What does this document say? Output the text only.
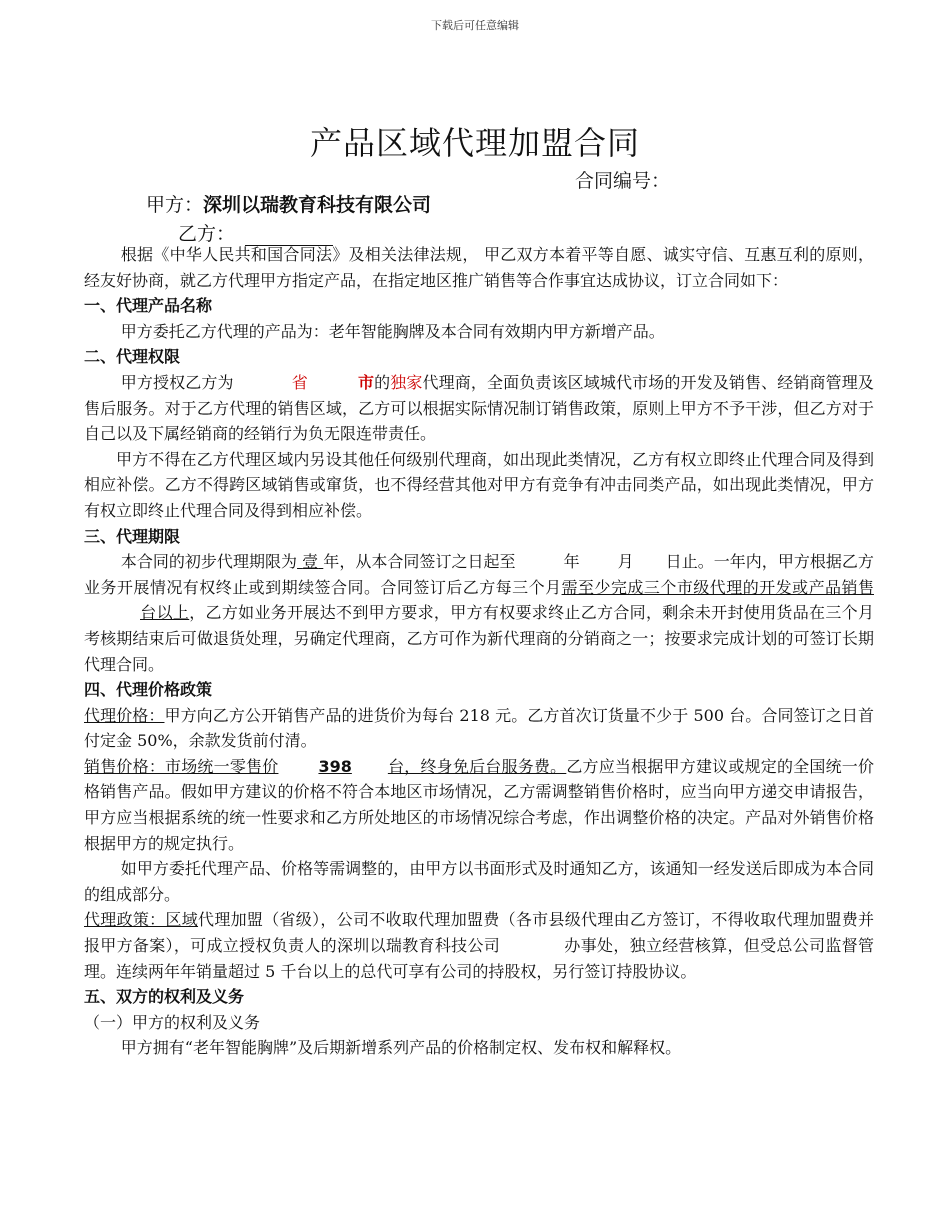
下载后可任意编辑
产品区域代理加盟合同
合同编号：
甲方：深圳以瑞教育科技有限公司
乙方：

根据《中华人民共和国合同法》及相关法律法规， 甲乙双方本着平等自愿、诚实守信、互惠互利的原则，经友好协商，就乙方代理甲方指定产品，在指定地区推广销售等合作事宜达成协议，订立合同如下：

一、代理产品名称

甲方委托乙方代理的产品为：老年智能胸牌及本合同有效期内甲方新增产品。

二、代理权限

甲方授权乙方为	省	市的独家代理商，全面负责该区域城代市场的开发及销售、经销商管理及售后服务。对于乙方代理的销售区域，乙方可以根据实际情况制订销售政策，原则上甲方不予干涉，但乙方对于自己以及下属经销商的经销行为负无限连带责任。

甲方不得在乙方代理区域内另设其他任何级别代理商，如出现此类情况，乙方有权立即终止代理合同及得到相应补偿。乙方不得跨区域销售或窜货，也不得经营其他对甲方有竞争有冲击同类产品，如出现此类情况，甲方有权立即终止代理合同及得到相应补偿。

三、代理期限

本合同的初步代理期限为 壹 年，从本合同签订之日起至	年 月 日止。一年内，甲方根据乙方业务开展情况有权终止或到期续签合同。合同签订后乙方每三个月需至少完成三个市级代理的开发或产品销售台以上，乙方如业务开展达不到甲方要求，甲方有权要求终止乙方合同，剩余未开封使用货品在三个月考核期结束后可做退货处理，另确定代理商，乙方可作为新代理商的分销商之一；按要求完成计划的可签订长期代理合同。

四、代理价格政策

代理价格：甲方向乙方公开销售产品的进货价为每台 218 元。乙方首次订货量不少于 500 台。合同签订之日首付定金 50%，余款发货前付清。

销售价格：市场统一零售价	398 台，终身免后台服务费。乙方应当根据甲方建议或规定的全国统一价格销售产品。假如甲方建议的价格不符合本地区市场情况，乙方需调整销售价格时，应当向甲方递交申请报告，甲方应当根据系统的统一性要求和乙方所处地区的市场情况综合考虑，作出调整价格的决定。产品对外销售价格根据甲方的规定执行。

如甲方委托代理产品、价格等需调整的，由甲方以书面形式及时通知乙方，该通知一经发送后即成为本合同的组成部分。

代理政策：区域代理加盟（省级），公司不收取代理加盟费（各市县级代理由乙方签订，不得收取代理加盟费并报甲方备案），可成立授权负责人的深圳以瑞教育科技公司	办事处，独立经营核算，但受总公司监督管理。连续两年年销量超过 5 千台以上的总代可享有公司的持股权，另行签订持股协议。

五、双方的权利及义务

（一）甲方的权利及义务

甲方拥有“老年智能胸牌”及后期新增系列产品的价格制定权、发布权和解释权。
